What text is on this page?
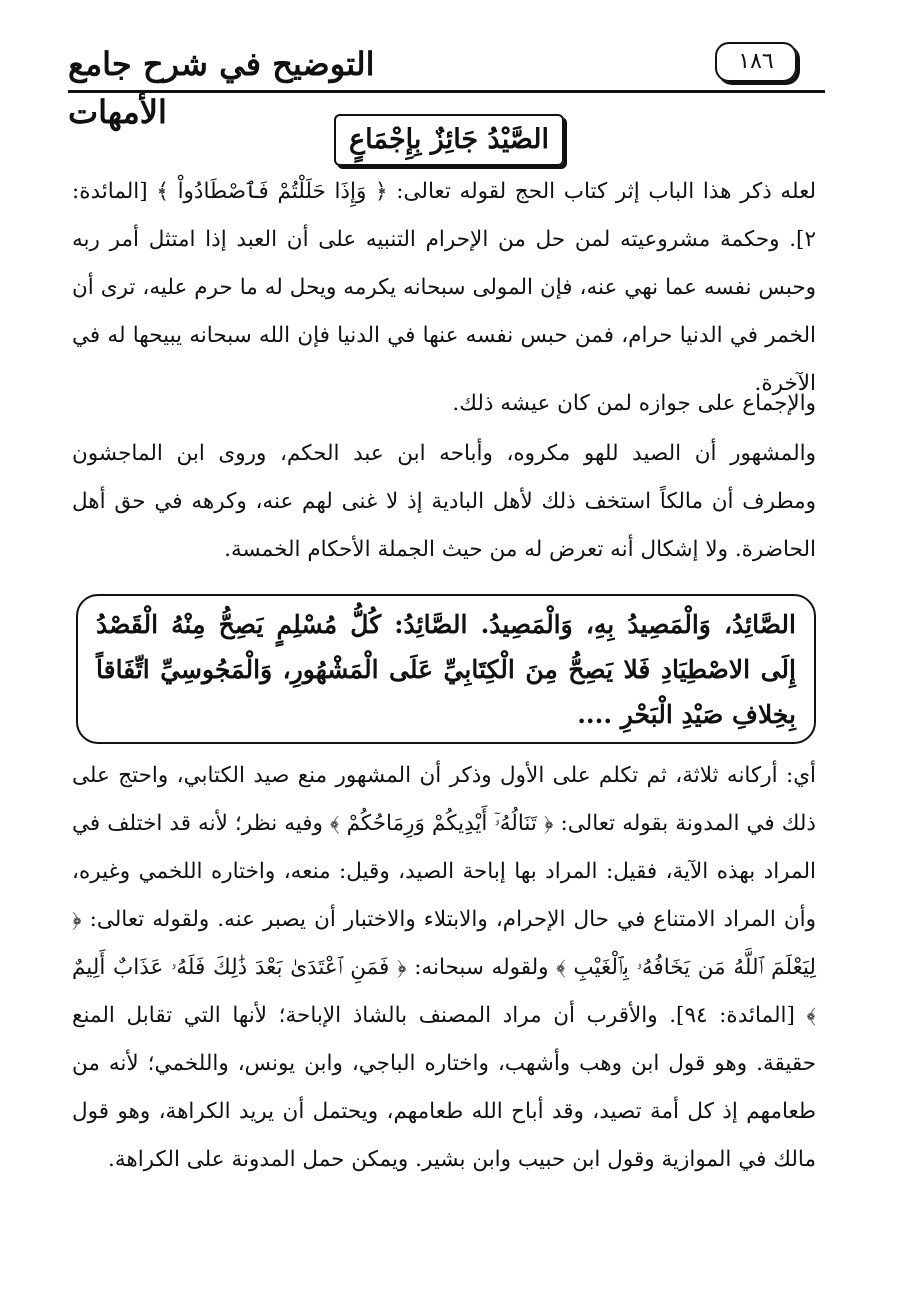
التوضيح في شرح جامع الأمهات
١٨٦
الصَّيْدُ جَائِزٌ بِإِجْمَاعٍ
لعله ذكر هذا الباب إثر كتاب الحج لقوله تعالى: ﴿ وَإِذَا حَلَلْتُمْ فَٱصْطَادُواْ ﴾ [المائدة: ٢]. وحكمة مشروعيته لمن حل من الإحرام التنبيه على أن العبد إذا امتثل أمر ربه وحبس نفسه عما نهي عنه، فإن المولى سبحانه يكرمه ويحل له ما حرم عليه، ترى أن الخمر في الدنيا حرام، فمن حبس نفسه عنها في الدنيا فإن الله سبحانه يبيحها له في الآخرة.
والإجماع على جوازه لمن كان عيشه ذلك.
والمشهور أن الصيد للهو مكروه، وأباحه ابن عبد الحكم، وروى ابن الماجشون ومطرف أن مالكاً استخف ذلك لأهل البادية إذ لا غنى لهم عنه، وكرهه في حق أهل الحاضرة. ولا إشكال أنه تعرض له من حيث الجملة الأحكام الخمسة.
الصَّائِدُ، وَالْمَصِيدُ بِهِ، وَالْمَصِيدُ. الصَّائِدُ: كُلُّ مُسْلِمٍ يَصِحُّ مِنْهُ الْقَصْدُ إِلَى الاصْطِيَادِ فَلا يَصِحُّ مِنَ الْكِتَابِيِّ عَلَى الْمَشْهُورِ، وَالْمَجُوسِيِّ اتِّفَاقاً بِخِلافِ صَيْدِ الْبَحْرِ ....
أي: أركانه ثلاثة، ثم تكلم على الأول وذكر أن المشهور منع صيد الكتابي، واحتج على ذلك في المدونة بقوله تعالى: ﴿ تَنَالُهُۥٓ أَيْدِيكُمْ وَرِمَاحُكُمْ ﴾ وفيه نظر؛ لأنه قد اختلف في المراد بهذه الآية، فقيل: المراد بها إباحة الصيد، وقيل: منعه، واختاره اللخمي وغيره، وأن المراد الامتناع في حال الإحرام، والابتلاء والاختبار أن يصبر عنه. ولقوله تعالى: ﴿ لِيَعْلَمَ ٱللَّهُ مَن يَخَافُهُۥ بِٱلْغَيْبِ ﴾ ولقوله سبحانه: ﴿ فَمَنِ ٱعْتَدَىٰ بَعْدَ ذَٰلِكَ فَلَهُۥ عَذَابٌ أَلِيمٌ ﴾ [المائدة: ٩٤]. والأقرب أن مراد المصنف بالشاذ الإباحة؛ لأنها التي تقابل المنع حقيقة. وهو قول ابن وهب وأشهب، واختاره الباجي، وابن يونس، واللخمي؛ لأنه من طعامهم إذ كل أمة تصيد، وقد أباح الله طعامهم، ويحتمل أن يريد الكراهة، وهو قول مالك في الموازية وقول ابن حبيب وابن بشير. ويمكن حمل المدونة على الكراهة.
